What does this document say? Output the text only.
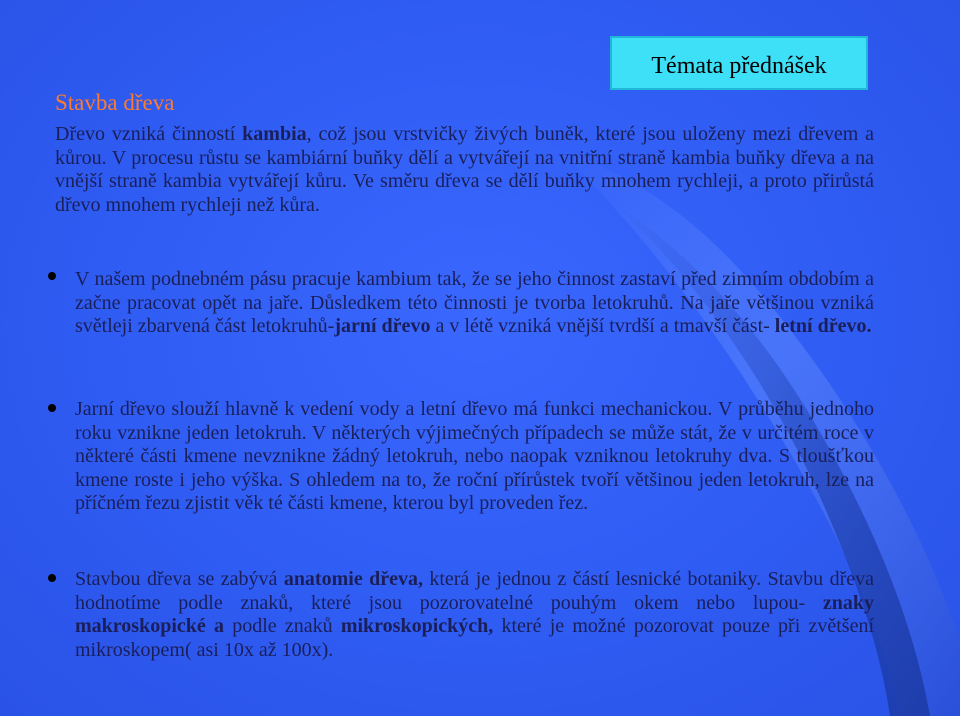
Témata přednášek
Stavba dřeva
Dřevo vzniká činností kambia, což jsou vrstvičky živých buněk, které jsou uloženy mezi dřevem a kůrou. V procesu růstu se kambiární buňky dělí a vytvářejí na vnitřní straně kambia buňky dřeva a na vnější straně kambia vytvářejí kůru. Ve směru dřeva se dělí buňky mnohem rychleji, a proto přirůstá dřevo mnohem rychleji než kůra.
V našem podnebném pásu pracuje kambium tak, že se jeho činnost zastaví před zimním obdobím a začne pracovat opět na jaře. Důsledkem této činnosti je tvorba letokruhů. Na jaře většinou vzniká světleji zbarvená část letokruhů-jarní dřevo a v létě vzniká vnější tvrdší a tmavší část- letní dřevo.
Jarní dřevo slouží hlavně k vedení vody a letní dřevo má funkci mechanickou. V průběhu jednoho roku vznikne jeden letokruh. V některých výjimečných případech se může stát, že v určitém roce v některé části kmene nevznikne žádný letokruh, nebo naopak vzniknou letokruhy dva. S tloušťkou kmene roste i jeho výška. S ohledem na to, že roční přírůstek tvoří většinou jeden letokruh, lze na příčném řezu zjistit věk té části kmene, kterou byl proveden řez.
Stavbou dřeva se zabývá anatomie dřeva, která je jednou z částí lesnické botaniky. Stavbu dřeva hodnotíme podle znaků, které jsou pozorovatelné pouhým okem nebo lupou- znaky makroskopické a podle znaků mikroskopických, které je možné pozorovat pouze při zvětšení mikroskopem( asi 10x až 100x).
